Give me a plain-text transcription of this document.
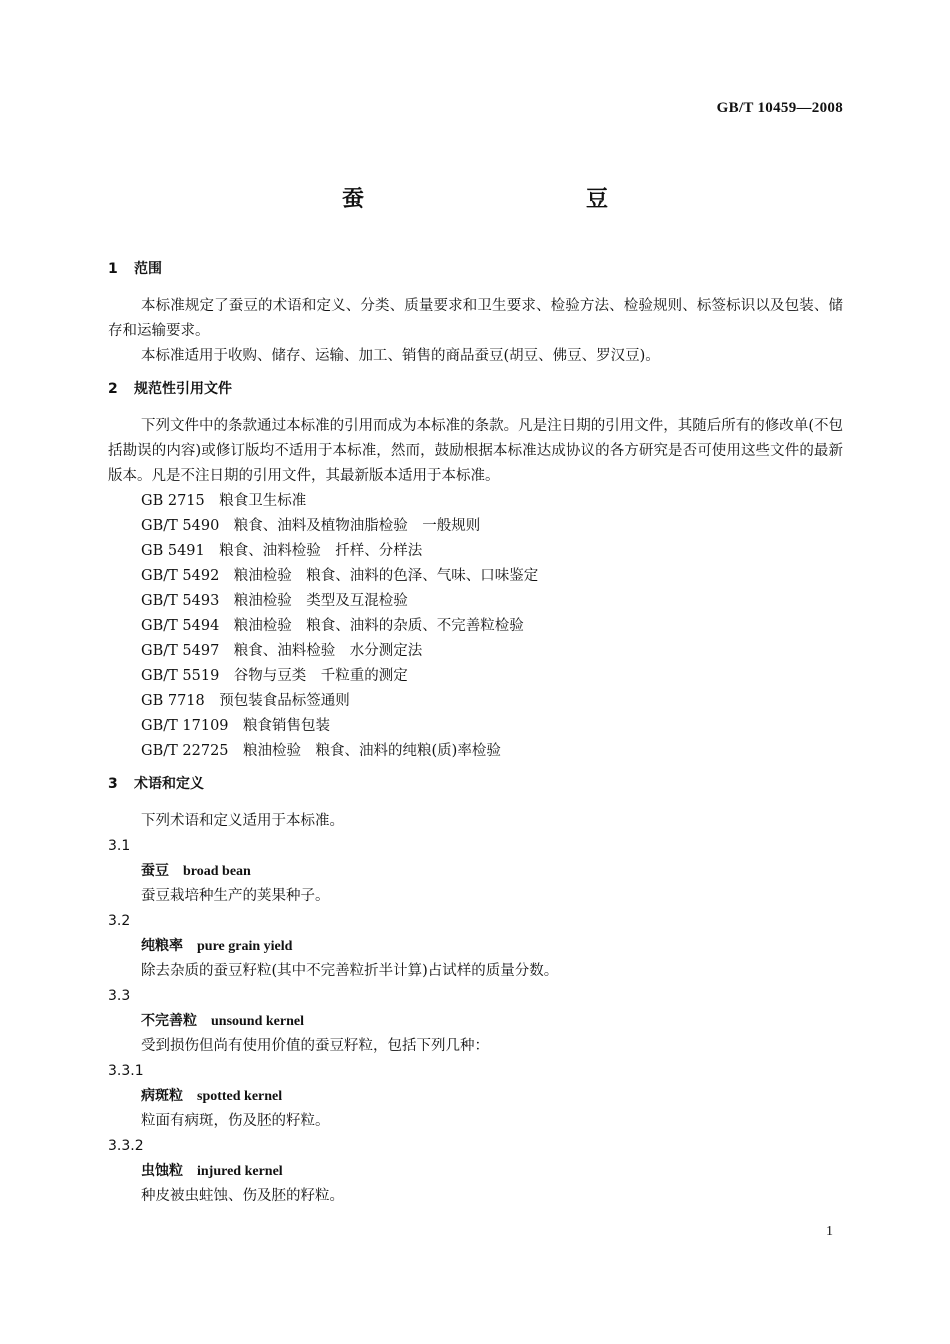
GB/T 10459—2008
蚕　豆
1 范围
本标准规定了蚕豆的术语和定义、分类、质量要求和卫生要求、检验方法、检验规则、标签标识以及包装、储存和运输要求。
本标准适用于收购、储存、运输、加工、销售的商品蚕豆(胡豆、佛豆、罗汉豆)。
2 规范性引用文件
下列文件中的条款通过本标准的引用而成为本标准的条款。凡是注日期的引用文件，其随后所有的修改单(不包括勘误的内容)或修订版均不适用于本标准，然而，鼓励根据本标准达成协议的各方研究是否可使用这些文件的最新版本。凡是不注日期的引用文件，其最新版本适用于本标准。
GB 2715　粮食卫生标准
GB/T 5490　粮食、油料及植物油脂检验　一般规则
GB 5491　粮食、油料检验　扦样、分样法
GB/T 5492　粮油检验　粮食、油料的色泽、气味、口味鉴定
GB/T 5493　粮油检验　类型及互混检验
GB/T 5494　粮油检验　粮食、油料的杂质、不完善粒检验
GB/T 5497　粮食、油料检验　水分测定法
GB/T 5519　谷物与豆类　千粒重的测定
GB 7718　预包装食品标签通则
GB/T 17109　粮食销售包装
GB/T 22725　粮油检验　粮食、油料的纯粮(质)率检验
3 术语和定义
下列术语和定义适用于本标准。
3.1
蚕豆 broad bean
蚕豆栽培种生产的荚果种子。
3.2
纯粮率 pure grain yield
除去杂质的蚕豆籽粒(其中不完善粒折半计算)占试样的质量分数。
3.3
不完善粒 unsound kernel
受到损伤但尚有使用价值的蚕豆籽粒，包括下列几种：
3.3.1
病斑粒 spotted kernel
粒面有病斑，伤及胚的籽粒。
3.3.2
虫蚀粒 injured kernel
种皮被虫蛀蚀、伤及胚的籽粒。
1
